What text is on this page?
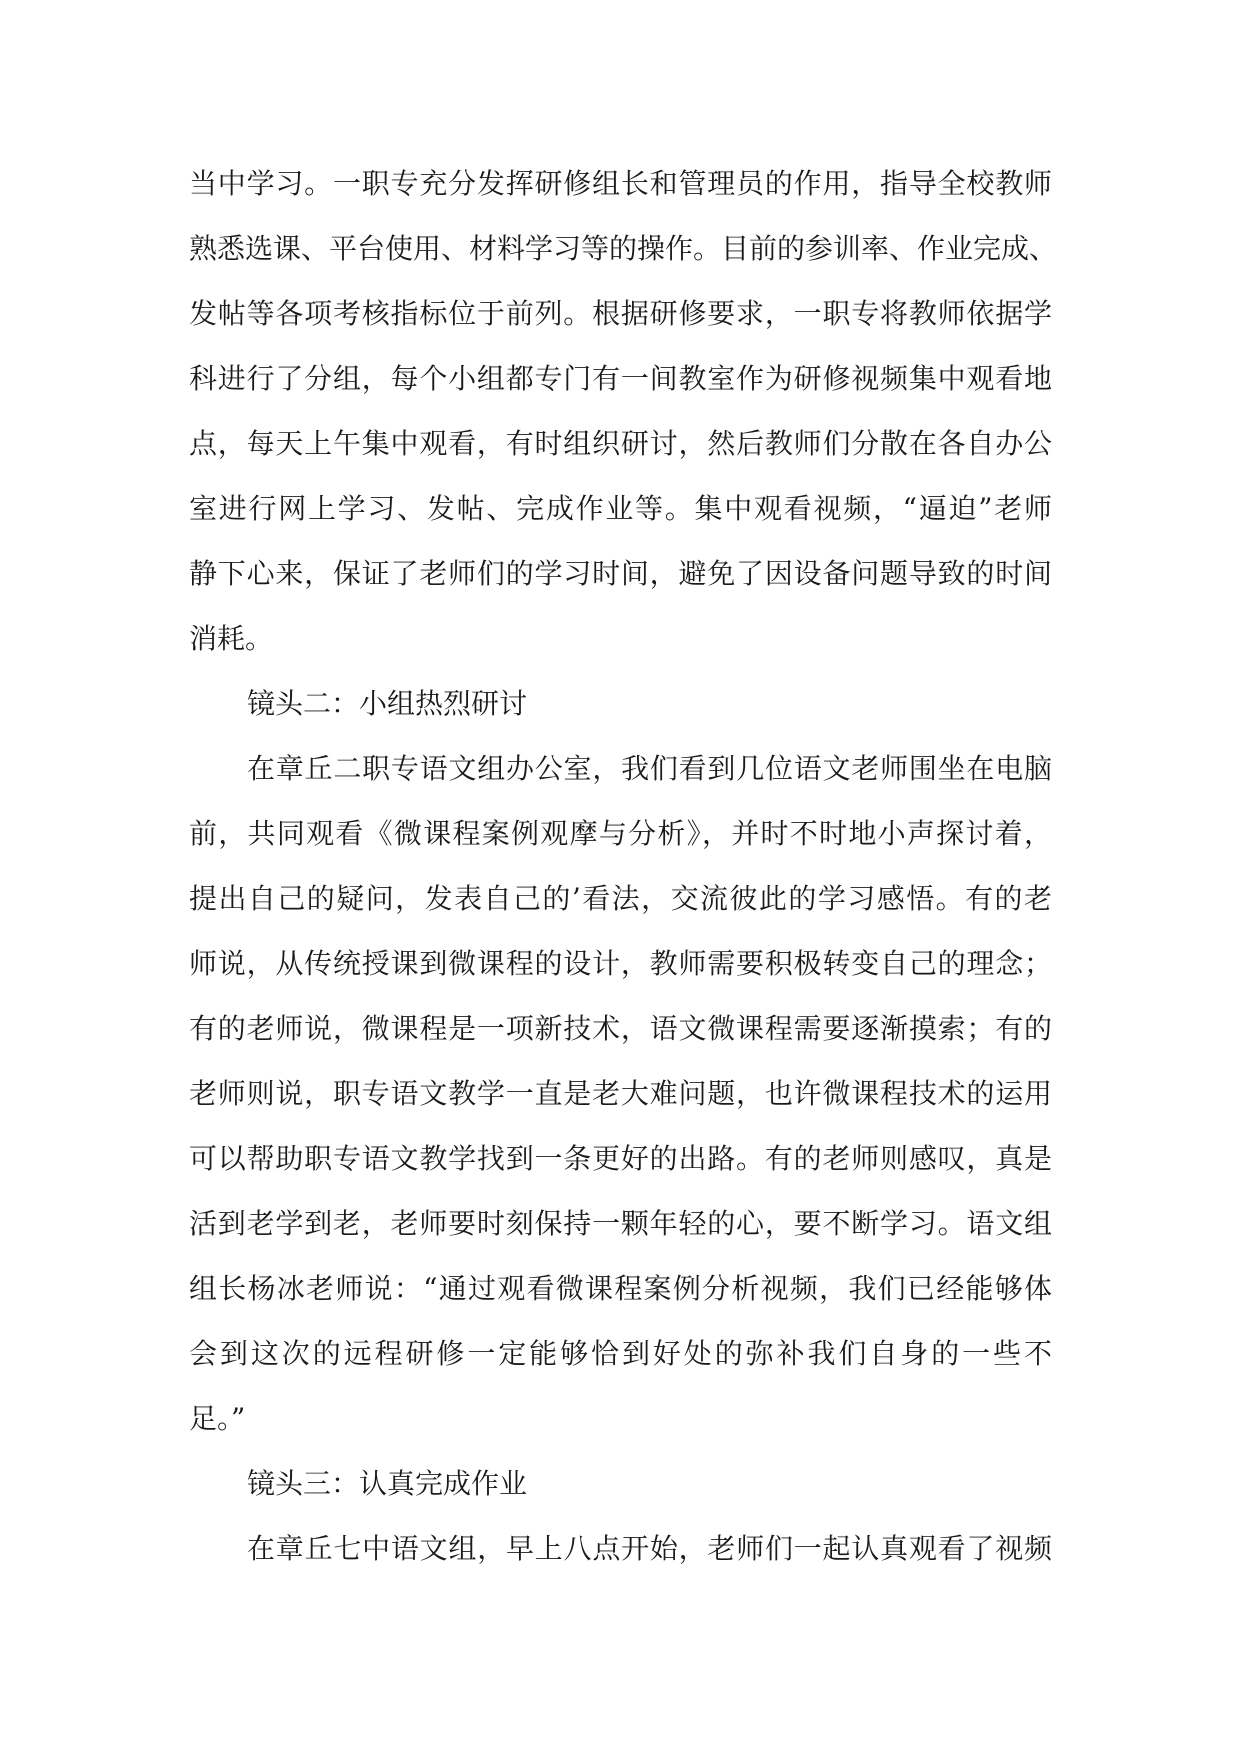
当中学习。一职专充分发挥研修组长和管理员的作用，指导全校教师
熟悉选课、平台使用、材料学习等的操作。目前的参训率、作业完成、
发帖等各项考核指标位于前列。根据研修要求，一职专将教师依据学
科进行了分组，每个小组都专门有一间教室作为研修视频集中观看地
点，每天上午集中观看，有时组织研讨，然后教师们分散在各自办公
室进行网上学习、发帖、完成作业等。集中观看视频，“逼迫”老师
静下心来，保证了老师们的学习时间，避免了因设备问题导致的时间
消耗。
镜头二：小组热烈研讨
在章丘二职专语文组办公室，我们看到几位语文老师围坐在电脑
前，共同观看《微课程案例观摩与分析》，并时不时地小声探讨着，
提出自己的疑问，发表自己的’看法，交流彼此的学习感悟。有的老
师说，从传统授课到微课程的设计，教师需要积极转变自己的理念；
有的老师说，微课程是一项新技术，语文微课程需要逐渐摸索；有的
老师则说，职专语文教学一直是老大难问题，也许微课程技术的运用
可以帮助职专语文教学找到一条更好的出路。有的老师则感叹，真是
活到老学到老，老师要时刻保持一颗年轻的心，要不断学习。语文组
组长杨冰老师说：“通过观看微课程案例分析视频，我们已经能够体
会到这次的远程研修一定能够恰到好处的弥补我们自身的一些不
足。”
镜头三：认真完成作业
在章丘七中语文组，早上八点开始，老师们一起认真观看了视频
